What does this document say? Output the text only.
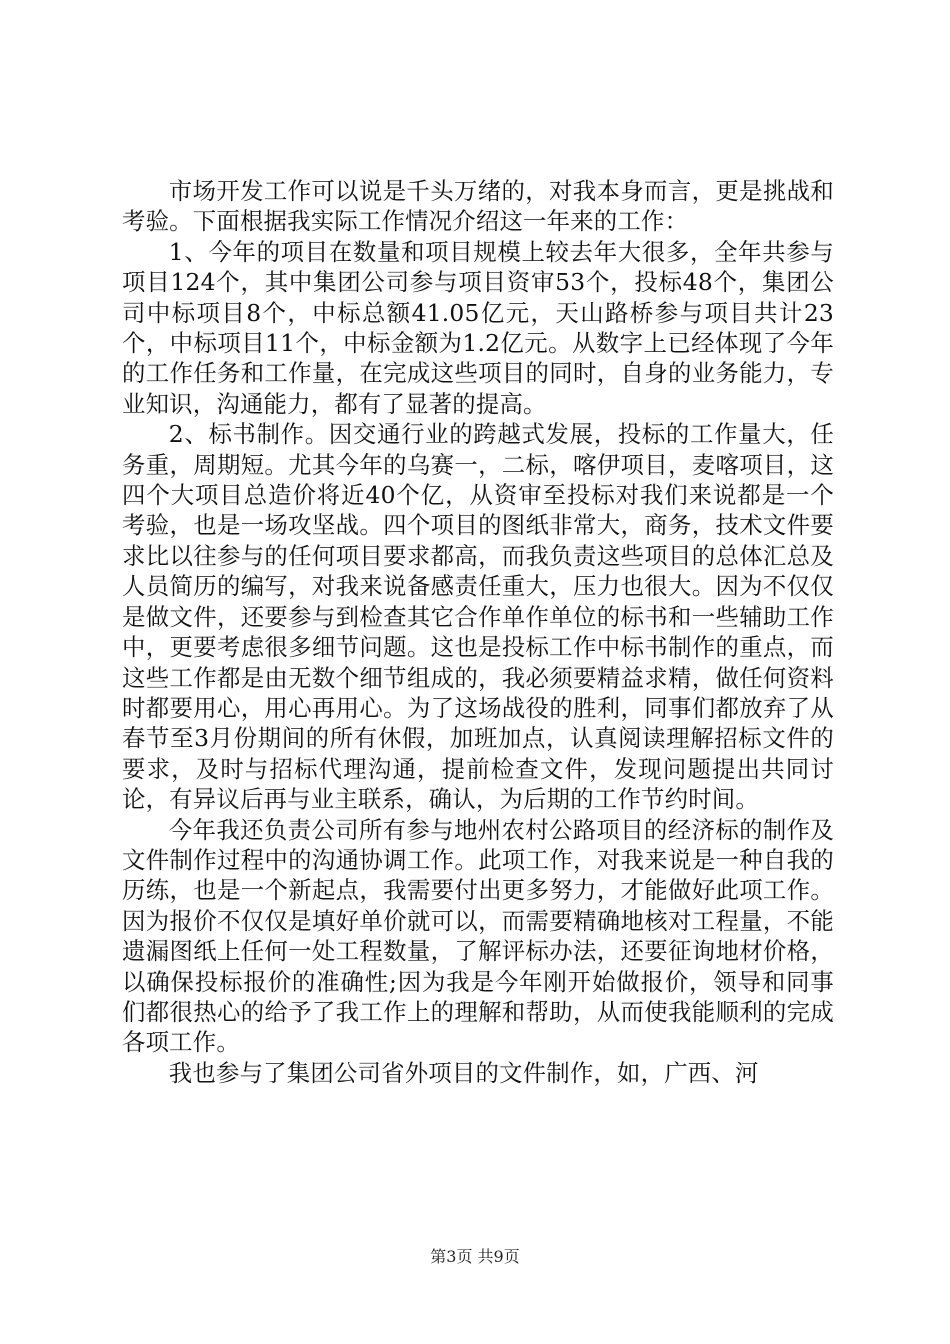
市场开发工作可以说是千头万绪的，对我本身而言，更是挑战和考验。下面根据我实际工作情况介绍这一年来的工作：

1、今年的项目在数量和项目规模上较去年大很多，全年共参与项目124个，其中集团公司参与项目资审53个，投标48个，集团公司中标项目8个，中标总额41.05亿元，天山路桥参与项目共计23个，中标项目11个，中标金额为1.2亿元。从数字上已经体现了今年的工作任务和工作量，在完成这些项目的同时，自身的业务能力，专业知识，沟通能力，都有了显著的提高。

2、标书制作。因交通行业的跨越式发展，投标的工作量大，任务重，周期短。尤其今年的乌赛一，二标，喀伊项目，麦喀项目，这四个大项目总造价将近40个亿，从资审至投标对我们来说都是一个考验，也是一场攻坚战。四个项目的图纸非常大，商务，技术文件要求比以往参与的任何项目要求都高，而我负责这些项目的总体汇总及人员简历的编写，对我来说备感责任重大，压力也很大。因为不仅仅是做文件，还要参与到检查其它合作单作单位的标书和一些辅助工作中，更要考虑很多细节问题。这也是投标工作中标书制作的重点，而这些工作都是由无数个细节组成的，我必须要精益求精，做任何资料时都要用心，用心再用心。为了这场战役的胜利，同事们都放弃了从春节至3月份期间的所有休假，加班加点，认真阅读理解招标文件的要求，及时与招标代理沟通，提前检查文件，发现问题提出共同讨论，有异议后再与业主联系，确认，为后期的工作节约时间。

今年我还负责公司所有参与地州农村公路项目的经济标的制作及文件制作过程中的沟通协调工作。此项工作，对我来说是一种自我的历练，也是一个新起点，我需要付出更多努力，才能做好此项工作。因为报价不仅仅是填好单价就可以，而需要精确地核对工程量，不能遗漏图纸上任何一处工程数量，了解评标办法，还要征询地材价格，以确保投标报价的准确性;因为我是今年刚开始做报价，领导和同事们都很热心的给予了我工作上的理解和帮助，从而使我能顺利的完成各项工作。

我也参与了集团公司省外项目的文件制作，如，广西、河

第3页 共9页
